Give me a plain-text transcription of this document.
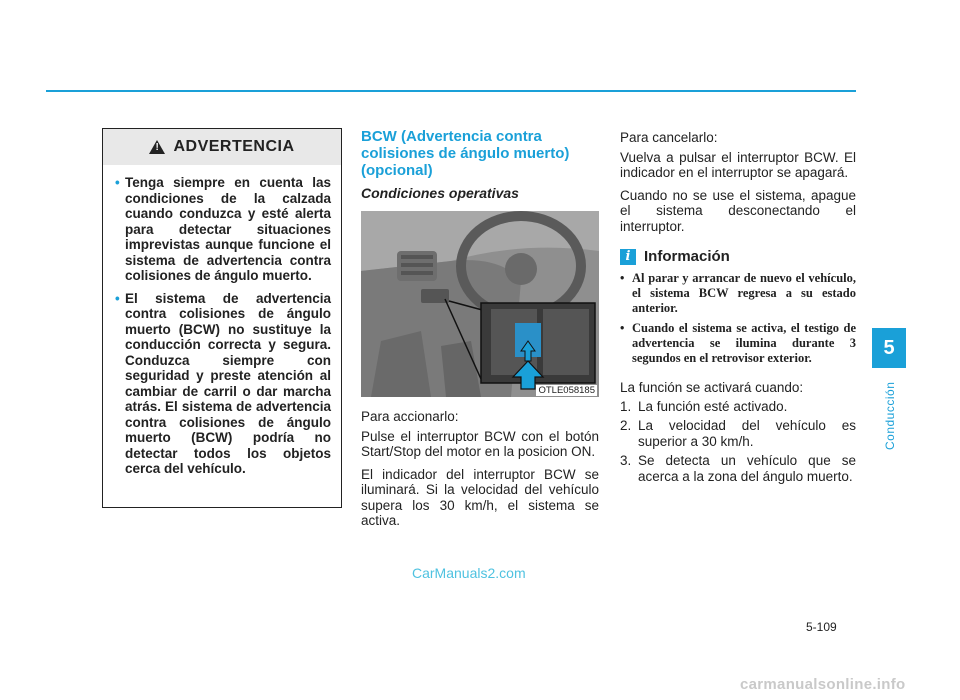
!
ADVERTENCIA
• Tenga siempre en cuenta las condiciones de la calzada cuando conduzca y esté alerta para detectar situaciones imprevistas aunque funcione el sistema de advertencia contra colisiones de ángulo muerto.
• El sistema de advertencia contra colisiones de ángulo muerto (BCW) no sustituye la conducción correcta y segura. Conduzca siempre con seguridad y preste atención al cambiar de carril o dar marcha atrás. El sistema de advertencia contra colisiones de ángulo muerto (BCW) podría no detectar todos los objetos cerca del vehículo.
BCW (Advertencia contra colisiones de ángulo muerto) (opcional)
Condiciones operativas
OTLE058185

Para accionarlo:

Pulse el interruptor BCW con el botón Start/Stop del motor en la posicion ON.

El indicador del interruptor BCW se iluminará. Si la velocidad del vehículo supera los 30 km/h, el sistema se activa.

Para cancelarlo:

Vuelva a pulsar el interruptor BCW. El indicador en el interruptor se apagará.

Cuando no se use el sistema, apague el sistema desconectando el interruptor.

i Información
• Al parar y arrancar de nuevo el vehículo, el sistema BCW regresa a su estado anterior.
• Cuando el sistema se activa, el testigo de advertencia se ilumina durante 3 segundos en el retrovisor exterior.

La función se activará cuando:

1. La función esté activado.
2. La velocidad del vehículo es superior a 30 km/h.
3. Se detecta un vehículo que se acerca a la zona del ángulo muerto.
5
Conducción
CarManuals2.com
5-109
carmanualsonline.info
